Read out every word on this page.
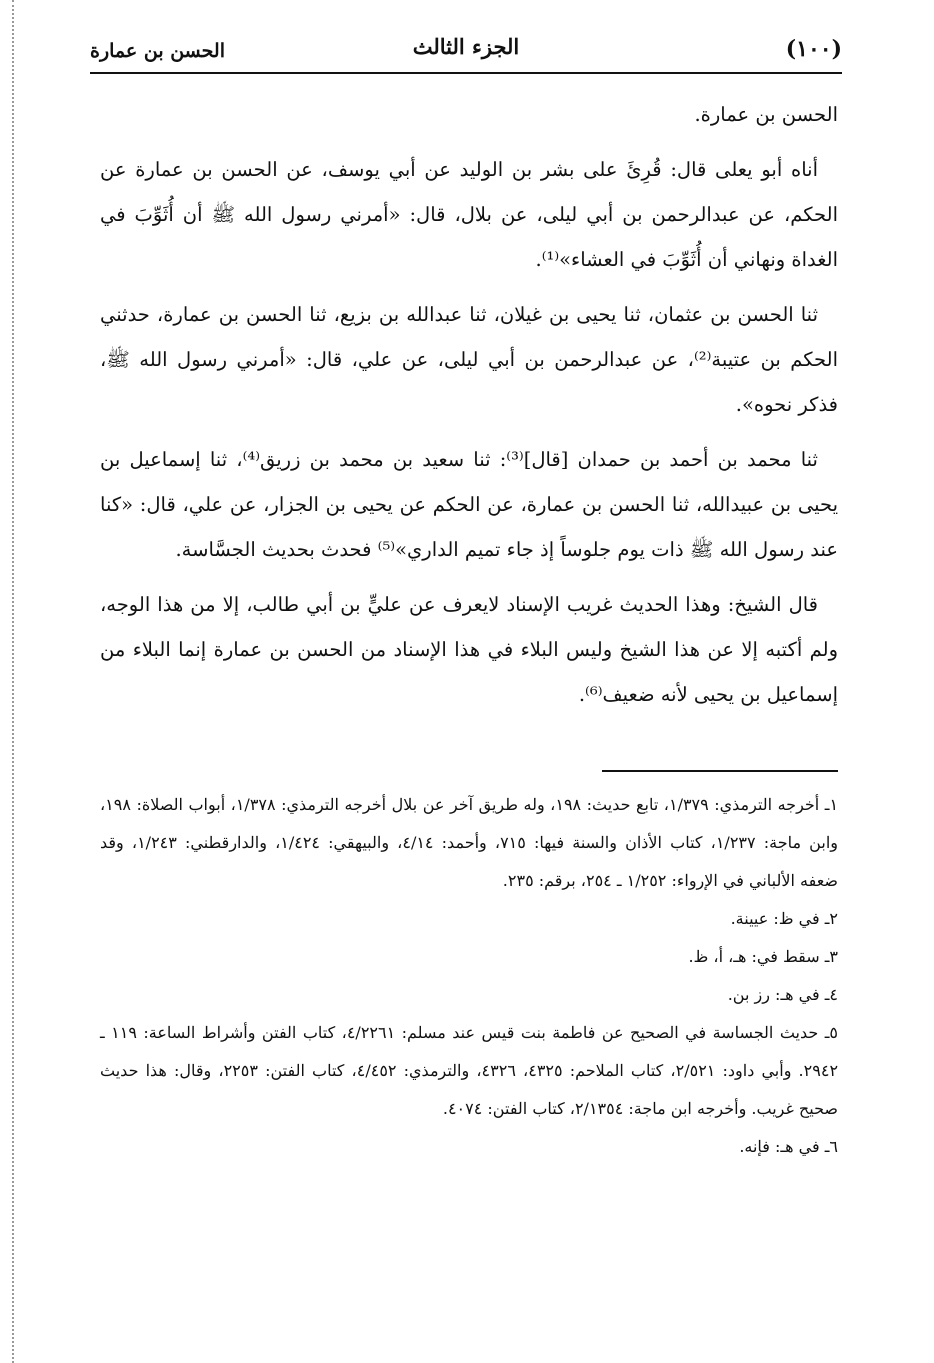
(١٠٠)
الجزء الثالث
الحسن بن عمارة

الحسن بن عمارة.

أناه أبو يعلى قال: قُرِئَ على بشر بن الوليد عن أبي يوسف، عن الحسن بن عمارة عن الحكم، عن عبدالرحمن بن أبي ليلى، عن بلال، قال: «أمرني رسول الله ﷺ أن أُثَوِّبَ في الغداة ونهاني أن أُثَوِّبَ في العشاء»⁽¹⁾.

ثنا الحسن بن عثمان، ثنا يحيى بن غيلان، ثنا عبدالله بن بزيع، ثنا الحسن بن عمارة، حدثني الحكم بن عتيبة⁽²⁾، عن عبدالرحمن بن أبي ليلى، عن علي، قال: «أمرني رسول الله ﷺ، فذكر نحوه».

ثنا محمد بن أحمد بن حمدان [قال]⁽³⁾: ثنا سعيد بن محمد بن زريق⁽⁴⁾، ثنا إسماعيل بن يحيى بن عبيدالله، ثنا الحسن بن عمارة، عن الحكم عن يحيى بن الجزار، عن علي، قال: «كنا عند رسول الله ﷺ ذات يوم جلوساً إذ جاء تميم الداري»⁽⁵⁾ فحدث بحديث الجسَّاسة.

قال الشيخ: وهذا الحديث غريب الإسناد لايعرف عن عليٍّ بن أبي طالب، إلا من هذا الوجه، ولم أكتبه إلا عن هذا الشيخ وليس البلاء في هذا الإسناد من الحسن بن عمارة إنما البلاء من إسماعيل بن يحيى لأنه ضعيف⁽⁶⁾.

١ـ أخرجه الترمذي: ١/٣٧٩، تابع حديث: ١٩٨، وله طريق آخر عن بلال أخرجه الترمذي: ١/٣٧٨، أبواب الصلاة: ١٩٨، وابن ماجة: ١/٢٣٧، كتاب الأذان والسنة فيها: ٧١٥، وأحمد: ٤/١٤، والبيهقي: ١/٤٢٤، والدارقطني: ١/٢٤٣، وقد ضعفه الألباني في الإرواء: ١/٢٥٢ ـ ٢٥٤، برقم: ٢٣٥.

٢ـ في ظ: عيينة.

٣ـ سقط في: هـ، أ، ظ.

٤ـ في هـ: رز بن.

٥ـ حديث الجساسة في الصحيح عن فاطمة بنت قيس عند مسلم: ٤/٢٢٦١، كتاب الفتن وأشراط الساعة: ١١٩ ـ ٢٩٤٢. وأبي داود: ٢/٥٢١، كتاب الملاحم: ٤٣٢٥، ٤٣٢٦، والترمذي: ٤/٤٥٢، كتاب الفتن: ٢٢٥٣، وقال: هذا حديث صحيح غريب. وأخرجه ابن ماجة: ٢/١٣٥٤، كتاب الفتن: ٤٠٧٤.

٦ـ في هـ: فإنه.
